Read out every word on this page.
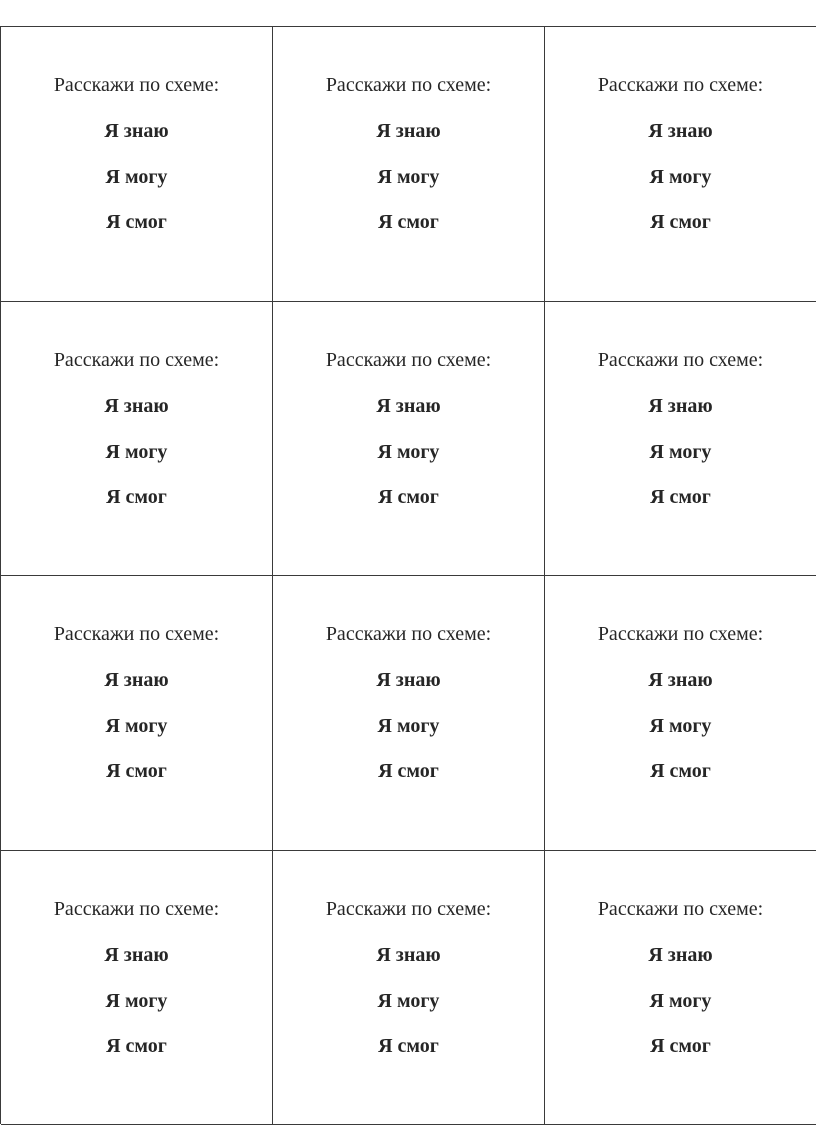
Расскажи по схеме:
Я знаю
Я могу
Я смог
Расскажи по схеме:
Я знаю
Я могу
Я смог
Расскажи по схеме:
Я знаю
Я могу
Я смог
Расскажи по схеме:
Я знаю
Я могу
Я смог
Расскажи по схеме:
Я знаю
Я могу
Я смог
Расскажи по схеме:
Я знаю
Я могу
Я смог
Расскажи по схеме:
Я знаю
Я могу
Я смог
Расскажи по схеме:
Я знаю
Я могу
Я смог
Расскажи по схеме:
Я знаю
Я могу
Я смог
Расскажи по схеме:
Я знаю
Я могу
Я смог
Расскажи по схеме:
Я знаю
Я могу
Я смог
Расскажи по схеме:
Я знаю
Я могу
Я смог
